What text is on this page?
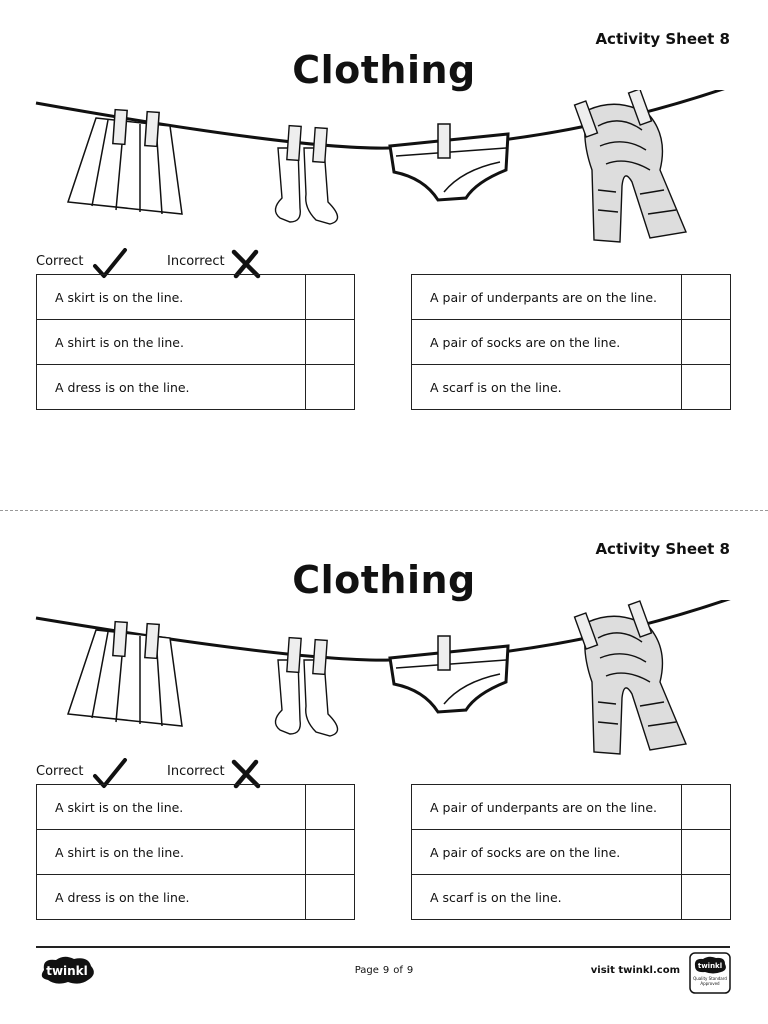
Activity Sheet 8
Clothing
Correct	Incorrect
A skirt is on the line.	
A shirt is on the line.	
A dress is on the line.	
A pair of underpants are on the line.	
A pair of socks are on the line.	
A scarf is on the line.	
Activity Sheet 8
Clothing
Correct	Incorrect
A skirt is on the line.	
A shirt is on the line.	
A dress is on the line.	
A pair of underpants are on the line.	
A pair of socks are on the line.	
A scarf is on the line.	
twinkl	Page 9 of 9	visit twinkl.com	twinkl
Quality Standard Approved
